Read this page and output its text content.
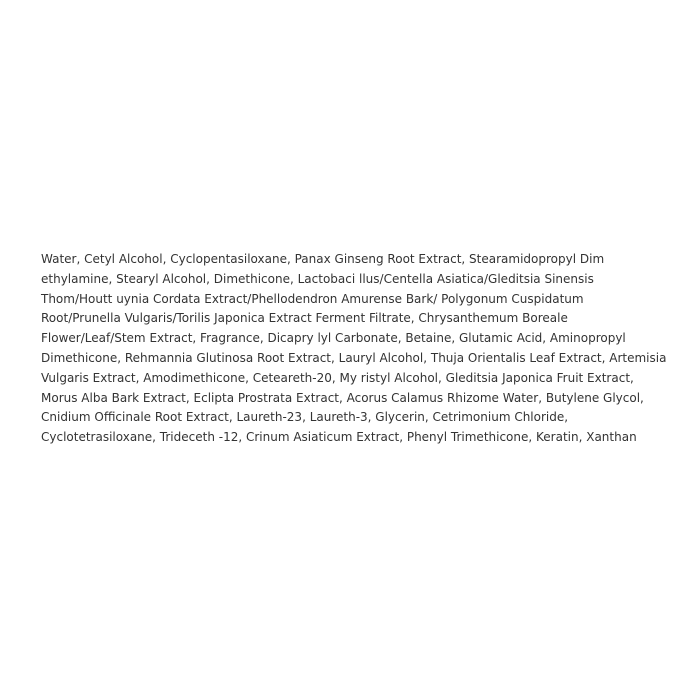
Water, Cetyl Alcohol, Cyclopentasiloxane, Panax Ginseng Root Extract, Stearamidopropyl Dim
ethylamine, Stearyl Alcohol, Dimethicone, Lactobaci llus/Centella Asiatica/Gleditsia Sinensis
Thom/Houtt uynia Cordata Extract/Phellodendron Amurense Bark/ Polygonum Cuspidatum
Root/Prunella Vulgaris/Torilis Japonica Extract Ferment Filtrate, Chrysanthemum Boreale
Flower/Leaf/Stem Extract, Fragrance, Dicapry lyl Carbonate, Betaine, Glutamic Acid, Aminopropyl
Dimethicone, Rehmannia Glutinosa Root Extract, Lauryl Alcohol, Thuja Orientalis Leaf Extract, Artemisia
Vulgaris Extract, Amodimethicone, Ceteareth-20, My ristyl Alcohol, Gleditsia Japonica Fruit Extract,
Morus Alba Bark Extract, Eclipta Prostrata Extract, Acorus Calamus Rhizome Water, Butylene Glycol,
Cnidium Officinale Root Extract, Laureth-23, Laureth-3, Glycerin, Cetrimonium Chloride,
Cyclotetrasiloxane, Trideceth -12, Crinum Asiaticum Extract, Phenyl Trimethicone, Keratin, Xanthan
